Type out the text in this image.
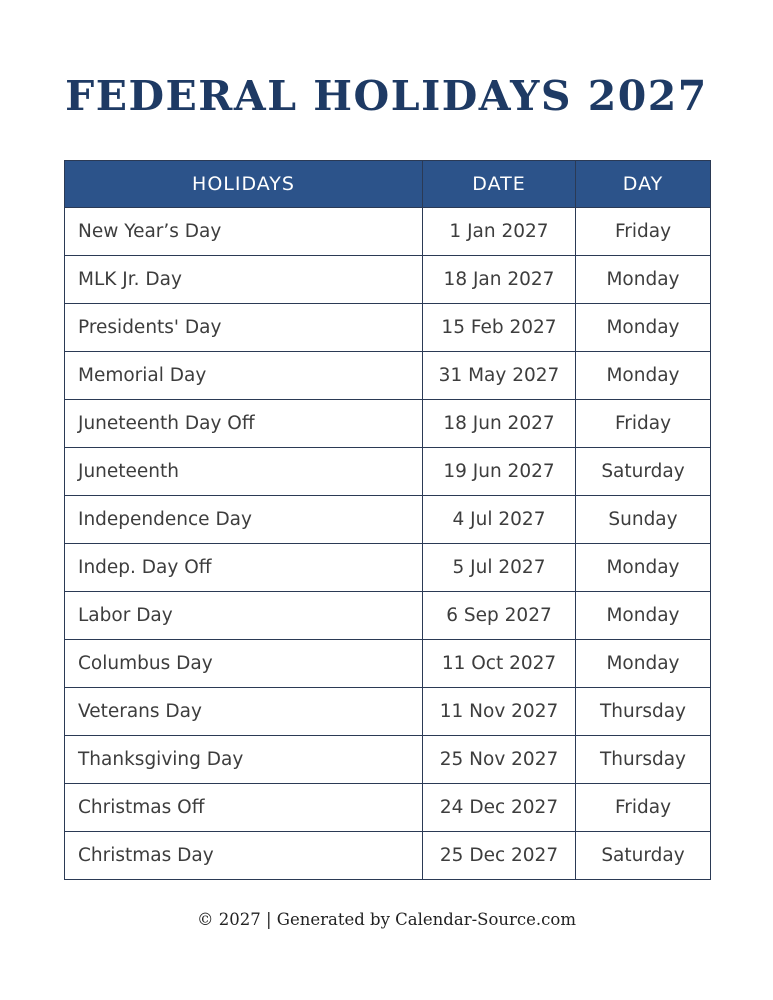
FEDERAL HOLIDAYS 2027
HOLIDAYS	DATE	DAY
New Year’s Day	1 Jan 2027	Friday
MLK Jr. Day	18 Jan 2027	Monday
Presidents' Day	15 Feb 2027	Monday
Memorial Day	31 May 2027	Monday
Juneteenth Day Off	18 Jun 2027	Friday
Juneteenth	19 Jun 2027	Saturday
Independence Day	4 Jul 2027	Sunday
Indep. Day Off	5 Jul 2027	Monday
Labor Day	6 Sep 2027	Monday
Columbus Day	11 Oct 2027	Monday
Veterans Day	11 Nov 2027	Thursday
Thanksgiving Day	25 Nov 2027	Thursday
Christmas Off	24 Dec 2027	Friday
Christmas Day	25 Dec 2027	Saturday
© 2027 | Generated by Calendar-Source.com
